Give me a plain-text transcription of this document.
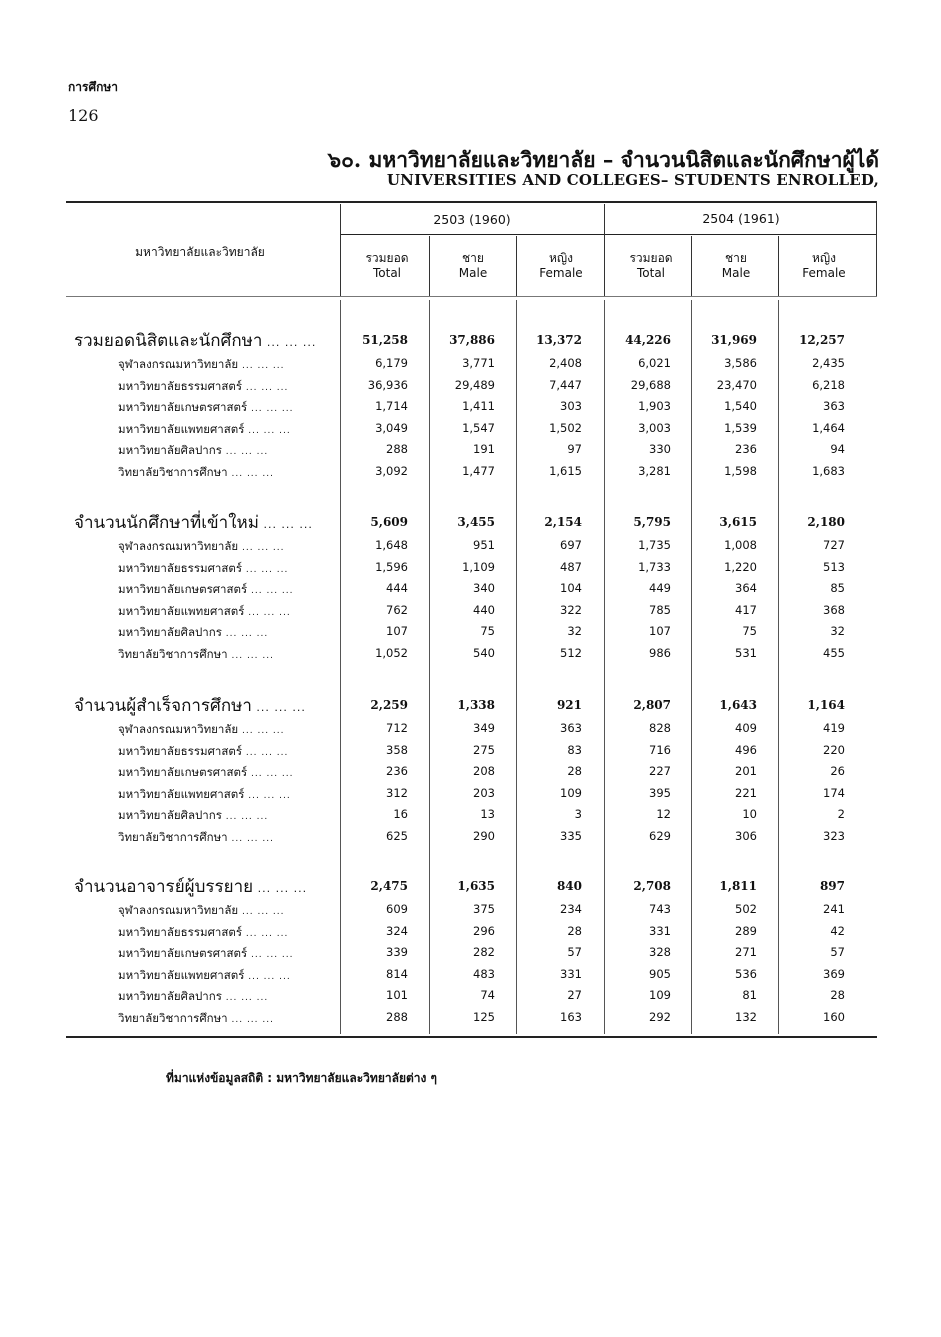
การศึกษา
126
๖๐. มหาวิทยาลัยและวิทยาลัย – จำนวนนิสิตและนักศึกษาผู้ได้
UNIVERSITIES AND COLLEGES– STUDENTS ENROLLED,
มหาวิทยาลัยและวิทยาลัย
2503 (1960)	2504 (1961)
รวมยอด
Total
ชาย
Male
หญิง
Female
รวมยอด
Total
ชาย
Male
หญิง
Female
รวมยอดนิสิตและนักศึกษา ... ... ...	51,258	37,886	13,372	44,226	31,969	12,257
จุฬาลงกรณมหาวิทยาลัย ... ... ...	6,179	3,771	2,408	6,021	3,586	2,435
มหาวิทยาลัยธรรมศาสตร์ ... ... ...	36,936	29,489	7,447	29,688	23,470	6,218
มหาวิทยาลัยเกษตรศาสตร์ ... ... ...	1,714	1,411	303	1,903	1,540	363
มหาวิทยาลัยแพทยศาสตร์ ... ... ...	3,049	1,547	1,502	3,003	1,539	1,464
มหาวิทยาลัยศิลปากร ... ... ...	288	191	97	330	236	94
วิทยาลัยวิชาการศึกษา ... ... ...	3,092	1,477	1,615	3,281	1,598	1,683
จำนวนนักศึกษาที่เข้าใหม่ ... ... ...	5,609	3,455	2,154	5,795	3,615	2,180
จุฬาลงกรณมหาวิทยาลัย ... ... ...	1,648	951	697	1,735	1,008	727
มหาวิทยาลัยธรรมศาสตร์ ... ... ...	1,596	1,109	487	1,733	1,220	513
มหาวิทยาลัยเกษตรศาสตร์ ... ... ...	444	340	104	449	364	85
มหาวิทยาลัยแพทยศาสตร์ ... ... ...	762	440	322	785	417	368
มหาวิทยาลัยศิลปากร ... ... ...	107	75	32	107	75	32
วิทยาลัยวิชาการศึกษา ... ... ...	1,052	540	512	986	531	455
จำนวนผู้สำเร็จการศึกษา ... ... ...	2,259	1,338	921	2,807	1,643	1,164
จุฬาลงกรณมหาวิทยาลัย ... ... ...	712	349	363	828	409	419
มหาวิทยาลัยธรรมศาสตร์ ... ... ...	358	275	83	716	496	220
มหาวิทยาลัยเกษตรศาสตร์ ... ... ...	236	208	28	227	201	26
มหาวิทยาลัยแพทยศาสตร์ ... ... ...	312	203	109	395	221	174
มหาวิทยาลัยศิลปากร ... ... ...	16	13	3	12	10	2
วิทยาลัยวิชาการศึกษา ... ... ...	625	290	335	629	306	323
จำนวนอาจารย์ผู้บรรยาย ... ... ...	2,475	1,635	840	2,708	1,811	897
จุฬาลงกรณมหาวิทยาลัย ... ... ...	609	375	234	743	502	241
มหาวิทยาลัยธรรมศาสตร์ ... ... ...	324	296	28	331	289	42
มหาวิทยาลัยเกษตรศาสตร์ ... ... ...	339	282	57	328	271	57
มหาวิทยาลัยแพทยศาสตร์ ... ... ...	814	483	331	905	536	369
มหาวิทยาลัยศิลปากร ... ... ...	101	74	27	109	81	28
วิทยาลัยวิชาการศึกษา ... ... ...	288	125	163	292	132	160
ที่มาแห่งข้อมูลสถิติ : มหาวิทยาลัยและวิทยาลัยต่าง ๆ
